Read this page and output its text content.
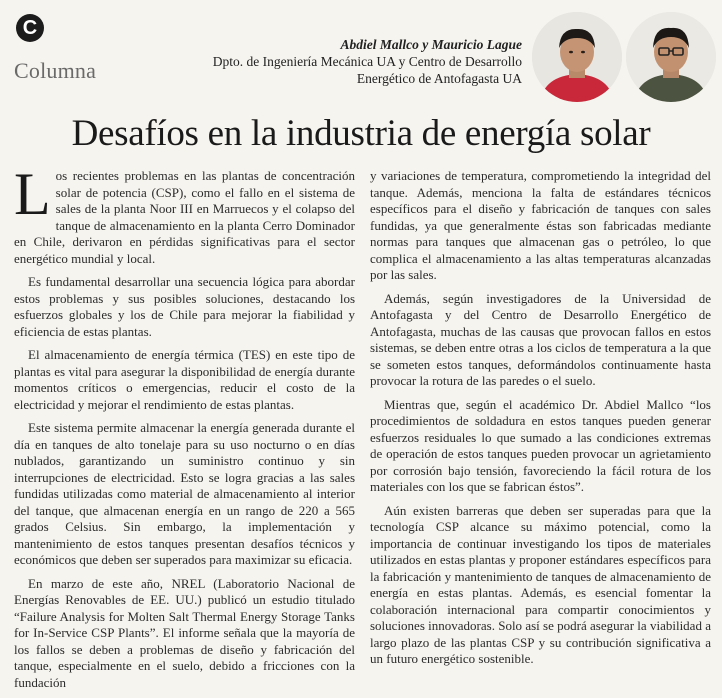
C
Columna
Abdiel Mallco y Mauricio Lague
Dpto. de Ingeniería Mecánica UA y Centro de Desarrollo
Energético de Antofagasta UA
Desafíos en la industria de energía solar

Los recientes problemas en las plantas de concentración solar de potencia (CSP), como el fallo en el sistema de sales de la planta Noor III en Marruecos y el colapso del tanque de almacenamiento en la planta Cerro Dominador en Chile, derivaron en pérdidas significativas para el sector energético mundial y local.

Es fundamental desarrollar una secuencia lógica para abordar estos problemas y sus posibles soluciones, destacando los esfuerzos globales y los de Chile para mejorar la fiabilidad y eficiencia de estas plantas.

El almacenamiento de energía térmica (TES) en este tipo de plantas es vital para asegurar la disponibilidad de energía durante momentos críticos o emergencias, reducir el costo de la electricidad y mejorar el rendimiento de estas plantas.

Este sistema permite almacenar la energía generada durante el día en tanques de alto tonelaje para su uso nocturno o en días nublados, garantizando un suministro continuo y sin interrupciones de electricidad. Esto se logra gracias a las sales fundidas utilizadas como material de almacenamiento al interior del tanque, que almacenan energía en un rango de 220 a 565 grados Celsius. Sin embargo, la implementación y mantenimiento de estos tanques presentan desafíos técnicos y económicos que deben ser superados para maximizar su eficacia.

En marzo de este año, NREL (Laboratorio Nacional de Energías Renovables de EE. UU.) publicó un estudio titulado “Failure Analysis for Molten Salt Thermal Energy Storage Tanks for In-Service CSP Plants”. El informe señala que la mayoría de los fallos se deben a problemas de diseño y fabricación del tanque, especialmente en el suelo, debido a fricciones con la fundación

y variaciones de temperatura, comprometiendo la integridad del tanque. Además, menciona la falta de estándares técnicos específicos para el diseño y fabricación de tanques con sales fundidas, ya que generalmente éstas son fabricadas mediante normas para tanques que almacenan gas o petróleo, lo que complica el almacenamiento a las altas temperaturas alcanzadas por las sales.

Además, según investigadores de la Universidad de Antofagasta y del Centro de Desarrollo Energético de Antofagasta, muchas de las causas que provocan fallos en estos sistemas, se deben entre otras a los ciclos de temperatura a la que se someten estos tanques, deformándolos continuamente hasta provocar la rotura de las paredes o el suelo.

Mientras que, según el académico Dr. Abdiel Mallco “los procedimientos de soldadura en estos tanques pueden generar esfuerzos residuales lo que sumado a las condiciones extremas de operación de estos tanques pueden provocar un agrietamiento por corrosión bajo tensión, favoreciendo la fácil rotura de los materiales con los que se fabrican éstos”.

Aún existen barreras que deben ser superadas para que la tecnología CSP alcance su máximo potencial, como la importancia de continuar investigando los tipos de materiales utilizados en estas plantas y proponer estándares específicos para la fabricación y mantenimiento de tanques de almacenamiento de energía en estas plantas. Además, es esencial fomentar la colaboración internacional para compartir conocimientos y soluciones innovadoras. Solo así se podrá asegurar la viabilidad a largo plazo de las plantas CSP y su contribución significativa a un futuro energético sostenible.
